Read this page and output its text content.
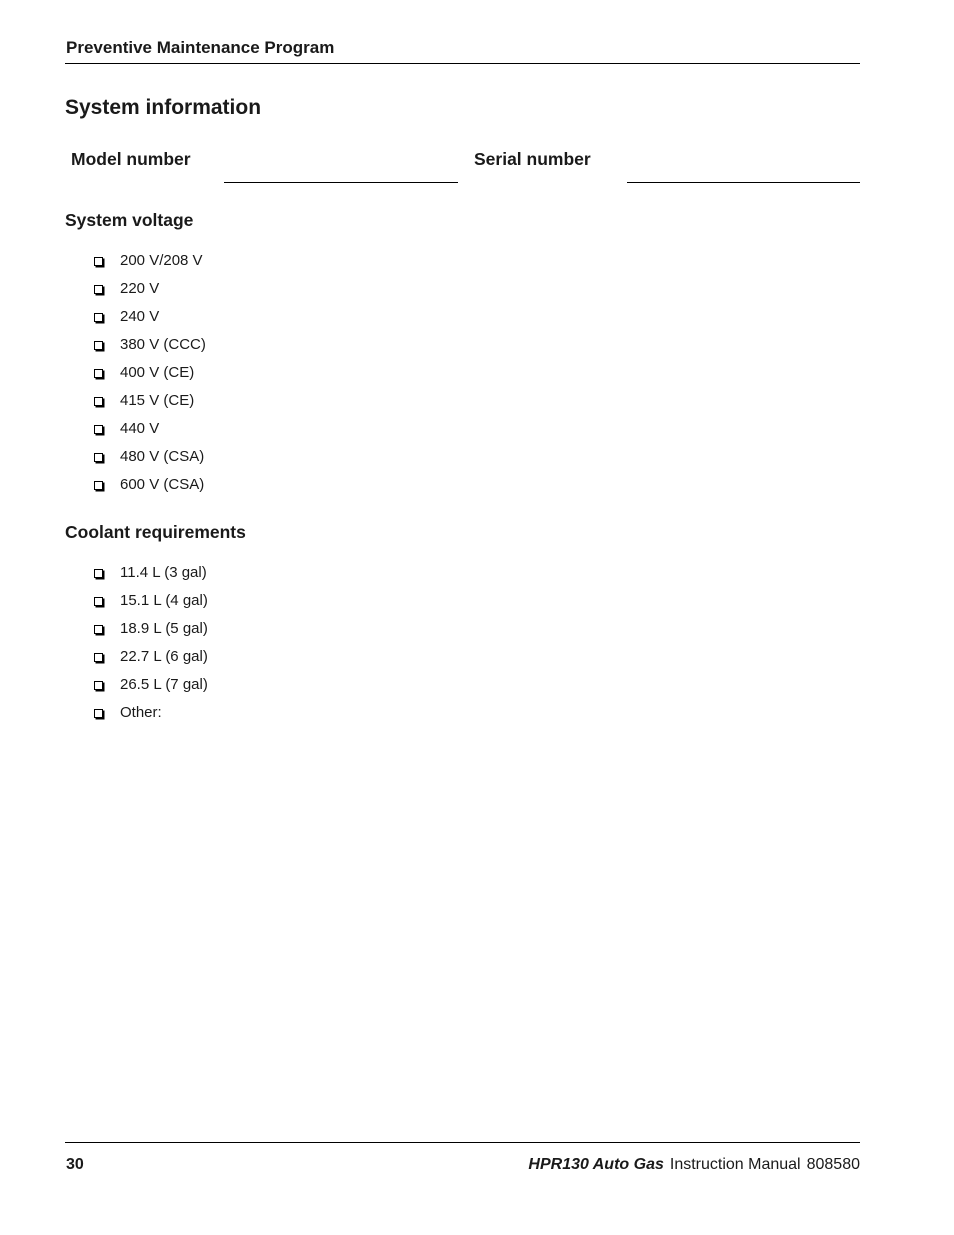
Preventive Maintenance Program
System information
Model number	Serial number
System voltage
200 V/208 V
220 V
240 V
380 V (CCC)
400 V (CE)
415 V (CE)
440 V
480 V (CSA)
600 V (CSA)
Coolant requirements
11.4 L (3 gal)
15.1 L (4 gal)
18.9 L (5 gal)
22.7 L (6 gal)
26.5 L (7 gal)
Other:
30	HPR130 Auto Gas Instruction Manual 808580
